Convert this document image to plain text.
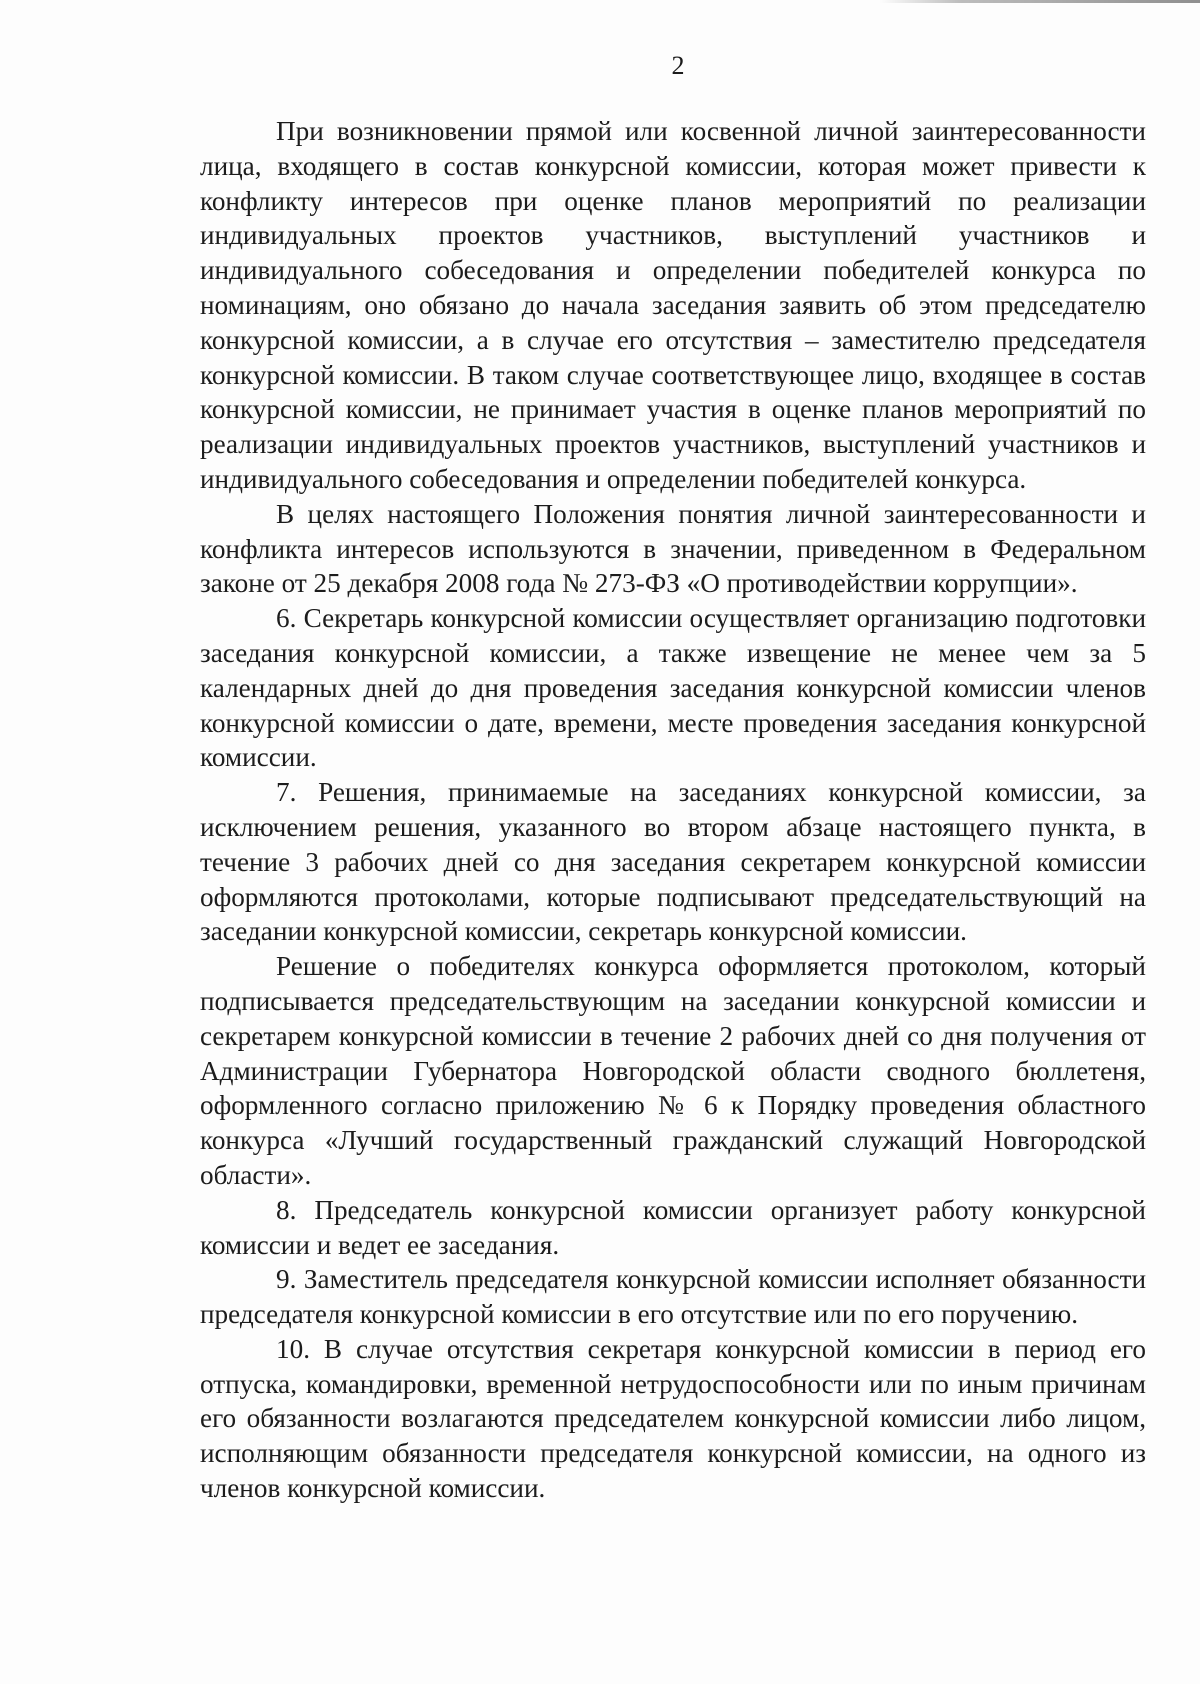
2

При возникновении прямой или косвенной личной заинтересованности лица, входящего в состав конкурсной комиссии, которая может привести к конфликту интересов при оценке планов мероприятий по реализации индивидуальных проектов участников, выступлений участников и индивидуального собеседования и определении победителей конкурса по номинациям, оно обязано до начала заседания заявить об этом председателю конкурсной комиссии, а в случае его отсутствия – заместителю председателя конкурсной комиссии. В таком случае соответствующее лицо, входящее в состав конкурсной комиссии, не принимает участия в оценке планов мероприятий по реализации индивидуальных проектов участников, выступлений участников и индивидуального собеседования и определении победителей конкурса.

В целях настоящего Положения понятия личной заинтересованности и конфликта интересов используются в значении, приведенном в Федеральном законе от 25 декабря 2008 года № 273-ФЗ «О противодействии коррупции».

6. Секретарь конкурсной комиссии осуществляет организацию подготовки заседания конкурсной комиссии, а также извещение не менее чем за 5 календарных дней до дня проведения заседания конкурсной комиссии членов конкурсной комиссии о дате, времени, месте проведения заседания конкурсной комиссии.

7. Решения, принимаемые на заседаниях конкурсной комиссии, за исключением решения, указанного во втором абзаце настоящего пункта, в течение 3 рабочих дней со дня заседания секретарем конкурсной комиссии оформляются протоколами, которые подписывают председательствующий на заседании конкурсной комиссии, секретарь конкурсной комиссии.

Решение о победителях конкурса оформляется протоколом, который подписывается председательствующим на заседании конкурсной комиссии и секретарем конкурсной комиссии в течение 2 рабочих дней со дня получения от Администрации Губернатора Новгородской области сводного бюллетеня, оформленного согласно приложению № 6 к Порядку проведения областного конкурса «Лучший государственный гражданский служащий Новгородской области».

8. Председатель конкурсной комиссии организует работу конкурсной комиссии и ведет ее заседания.

9. Заместитель председателя конкурсной комиссии исполняет обязанности председателя конкурсной комиссии в его отсутствие или по его поручению.

10. В случае отсутствия секретаря конкурсной комиссии в период его отпуска, командировки, временной нетрудоспособности или по иным причинам его обязанности возлагаются председателем конкурсной комиссии либо лицом, исполняющим обязанности председателя конкурсной комиссии, на одного из членов конкурсной комиссии.
